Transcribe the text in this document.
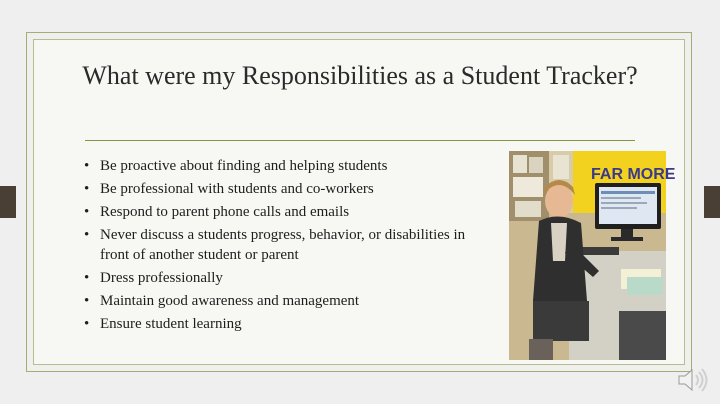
What were my Responsibilities as a Student Tracker?
• Be proactive about finding and helping students
• Be professional with students and co-workers
• Respond to parent phone calls and emails
• Never discuss a students progress, behavior, or disabilities in front of another student or parent
• Dress professionally
• Maintain good awareness and management
• Ensure student learning
FAR MORE
